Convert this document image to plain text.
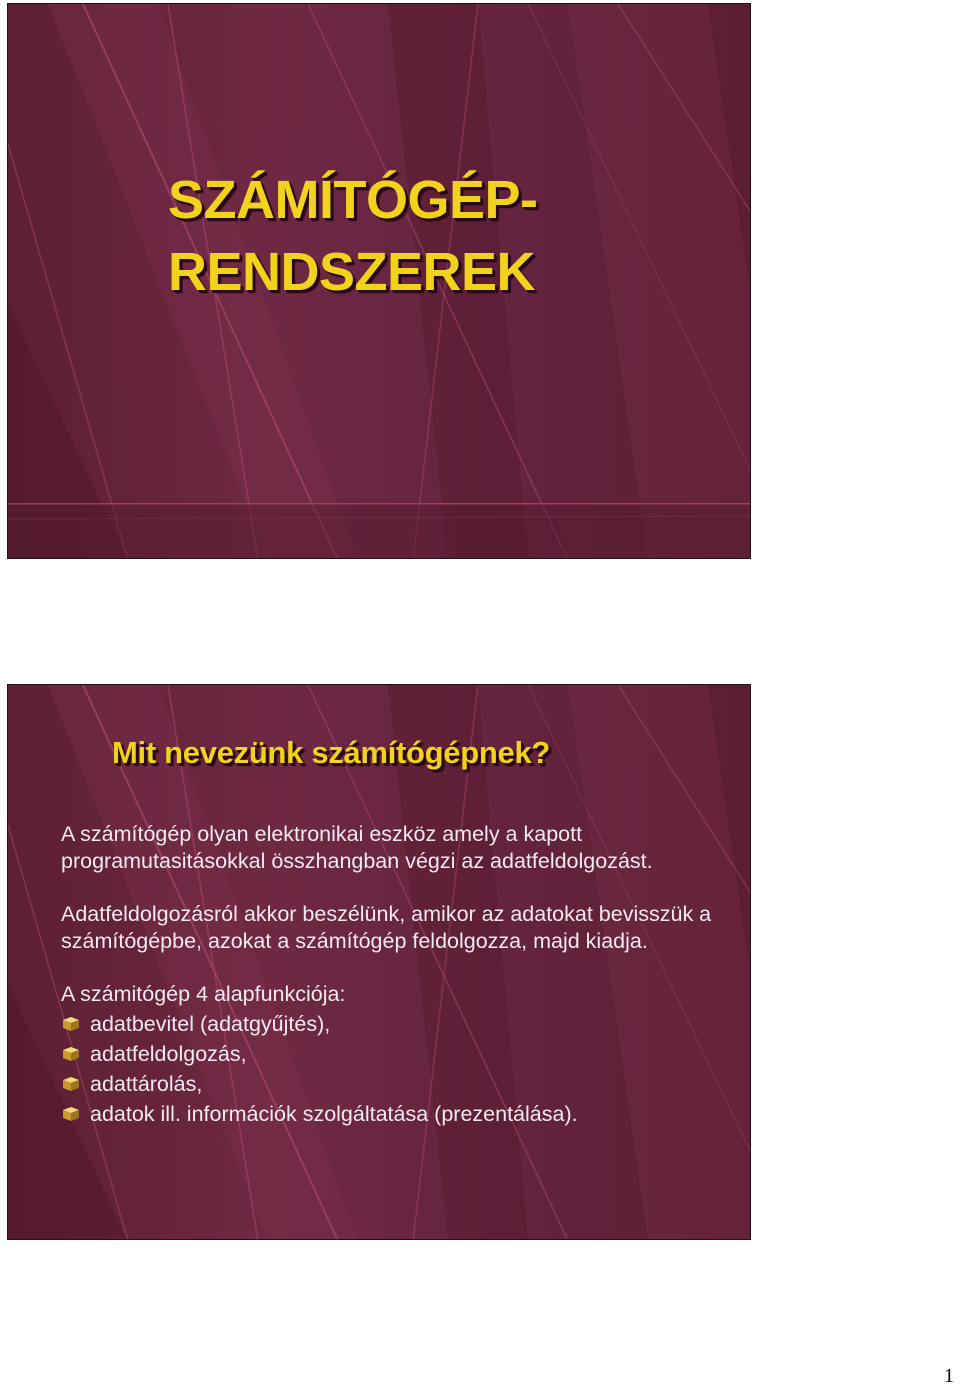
SZÁMÍTÓGÉP-
RENDSZEREK
Mit nevezünk számítógépnek?

A számítógép olyan elektronikai eszköz amely a kapott programutasitásokkal összhangban végzi az adatfeldolgozást.

Adatfeldolgozásról akkor beszélünk, amikor az adatokat bevisszük a számítógépbe, azokat a számítógép feldolgozza, majd kiadja.

A számitógép 4 alapfunkciója:

adatbevitel (adatgyűjtés),
adatfeldolgozás,
adattárolás,
adatok ill. információk szolgáltatása (prezentálása).
1
